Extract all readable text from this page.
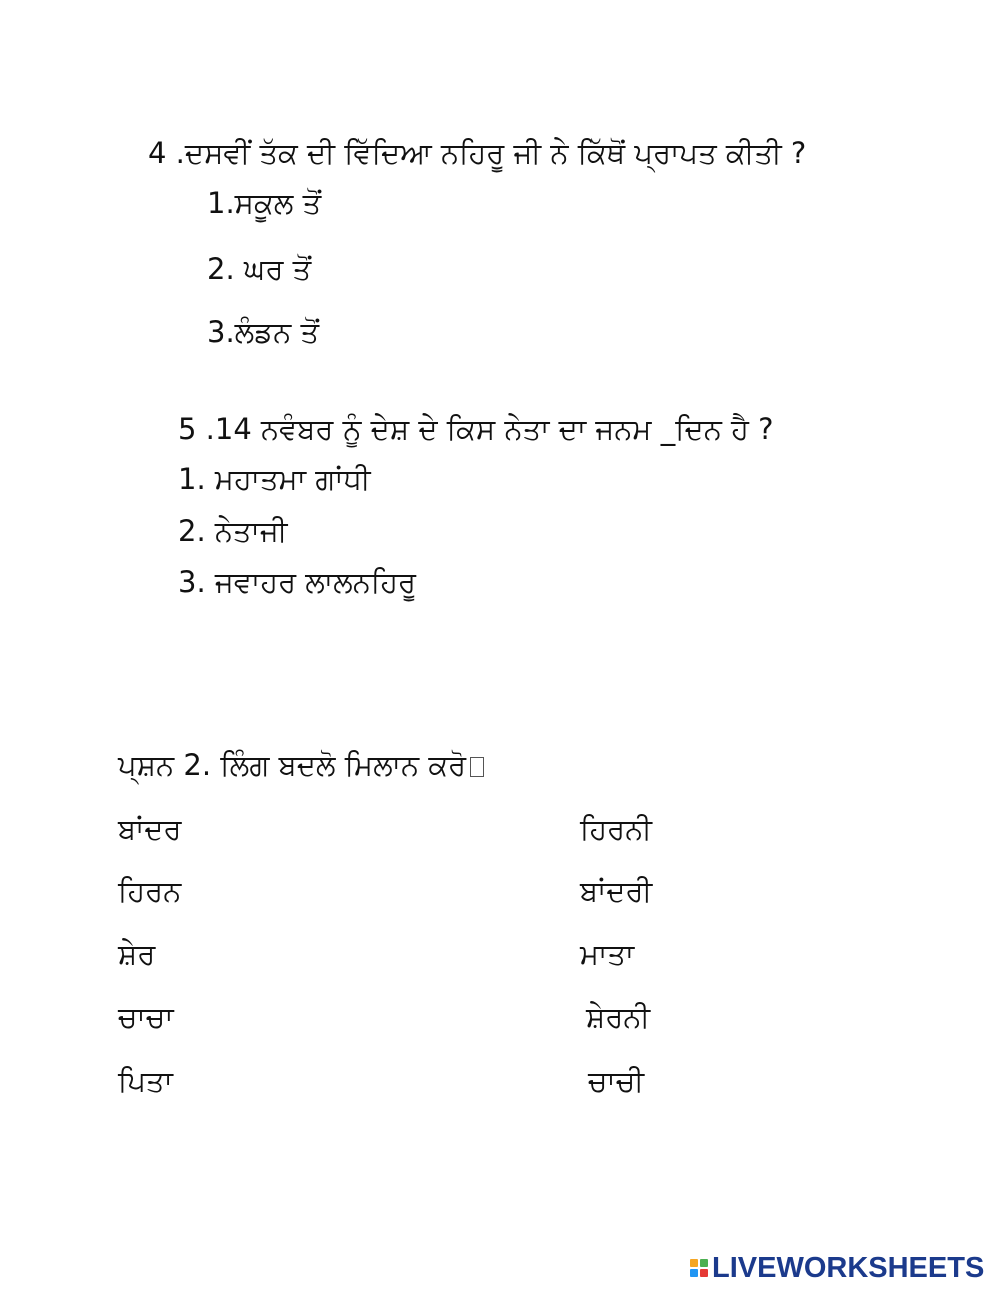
4 .ਦਸਵੀਂ ਤੱਕ ਦੀ ਵਿੱਦਿਆ ਨਹਿਰੂ ਜੀ ਨੇ ਕਿੱਥੋਂ ਪ੍ਰਾਪਤ ਕੀਤੀ ?
1.ਸਕੂਲ ਤੋਂ
2. ਘਰ ਤੋਂ
3.ਲੰਡਨ ਤੋਂ
5 .14 ਨਵੰਬਰ ਨੂੰ ਦੇਸ਼ ਦੇ ਕਿਸ ਨੇਤਾ ਦਾ ਜਨਮ _ਦਿਨ ਹੈ ?
1. ਮਹਾਤਮਾ ਗਾਂਧੀ
2. ਨੇਤਾਜੀ
3. ਜਵਾਹਰ ਲਾਲਨਹਿਰੂ
ਪ੍ਸ਼ਨ 2. ਲਿੰਗ ਬਦਲੋ ਮਿਲਾਨ ਕਰੋ
ਬਾਂਦਰ
ਹਿਰਨ
ਸ਼ੇਰ
ਚਾਚਾ
ਪਿਤਾ
ਹਿਰਨੀ
ਬਾਂਦਰੀ
ਮਾਤਾ
ਸ਼ੇਰਨੀ
ਚਾਚੀ
LIVEWORKSHEETS
